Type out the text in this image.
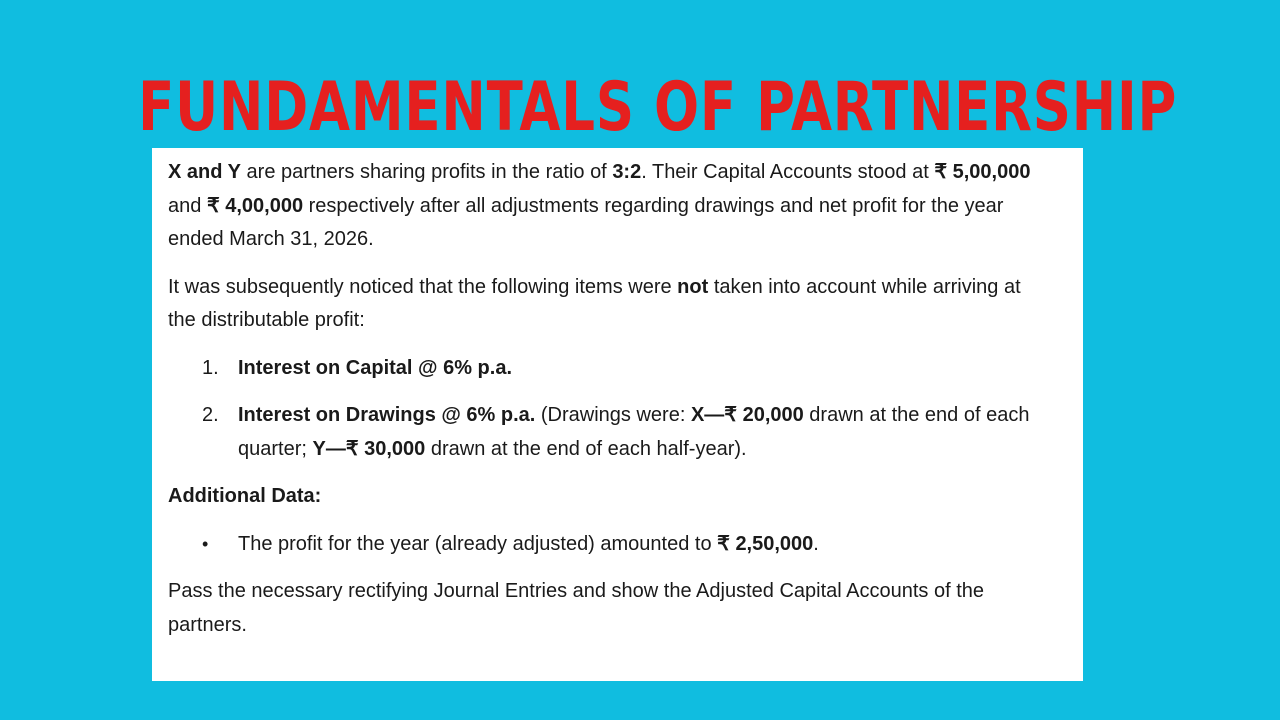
FUNDAMENTALS OF PARTNERSHIP

X and Y are partners sharing profits in the ratio of 3:2. Their Capital Accounts stood at ₹ 5,00,000 and ₹ 4,00,000 respectively after all adjustments regarding drawings and net profit for the year ended March 31, 2026.

It was subsequently noticed that the following items were not taken into account while arriving at the distributable profit:

1. Interest on Capital @ 6% p.a.
2. Interest on Drawings @ 6% p.a. (Drawings were: X—₹ 20,000 drawn at the end of each quarter; Y—₹ 30,000 drawn at the end of each half-year).

Additional Data:

•	The profit for the year (already adjusted) amounted to ₹ 2,50,000.

Pass the necessary rectifying Journal Entries and show the Adjusted Capital Accounts of the partners.
